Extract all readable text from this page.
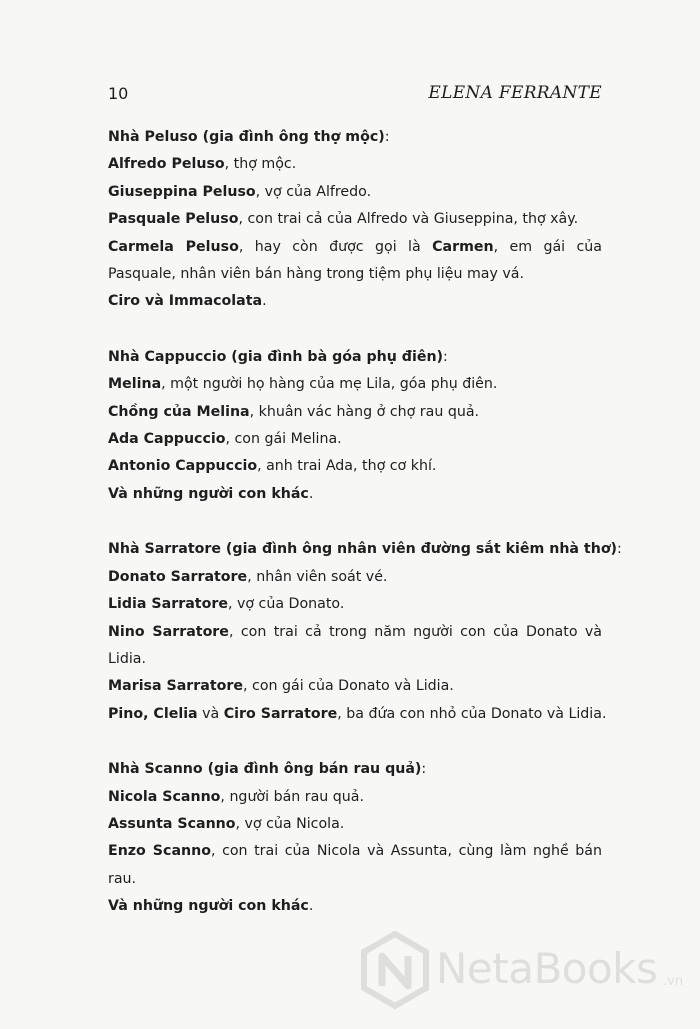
10	ELENA FERRANTE

Nhà Peluso (gia đình ông thợ mộc):

Alfredo Peluso, thợ mộc.

Giuseppina Peluso, vợ của Alfredo.

Pasquale Peluso, con trai cả của Alfredo và Giuseppina, thợ xây.

Carmela Peluso, hay còn được gọi là Carmen, em gái của Pasquale, nhân viên bán hàng trong tiệm phụ liệu may vá.

Ciro và Immacolata.

Nhà Cappuccio (gia đình bà góa phụ điên):

Melina, một người họ hàng của mẹ Lila, góa phụ điên.

Chồng của Melina, khuân vác hàng ở chợ rau quả.

Ada Cappuccio, con gái Melina.

Antonio Cappuccio, anh trai Ada, thợ cơ khí.

Và những người con khác.

Nhà Sarratore (gia đình ông nhân viên đường sắt kiêm nhà thơ):

Donato Sarratore, nhân viên soát vé.

Lidia Sarratore, vợ của Donato.

Nino Sarratore, con trai cả trong năm người con của Donato và Lidia.

Marisa Sarratore, con gái của Donato và Lidia.

Pino, Clelia và Ciro Sarratore, ba đứa con nhỏ của Donato và Lidia.

Nhà Scanno (gia đình ông bán rau quả):

Nicola Scanno, người bán rau quả.

Assunta Scanno, vợ của Nicola.

Enzo Scanno, con trai của Nicola và Assunta, cùng làm nghề bán rau.

Và những người con khác.

NetaBooks .vn
